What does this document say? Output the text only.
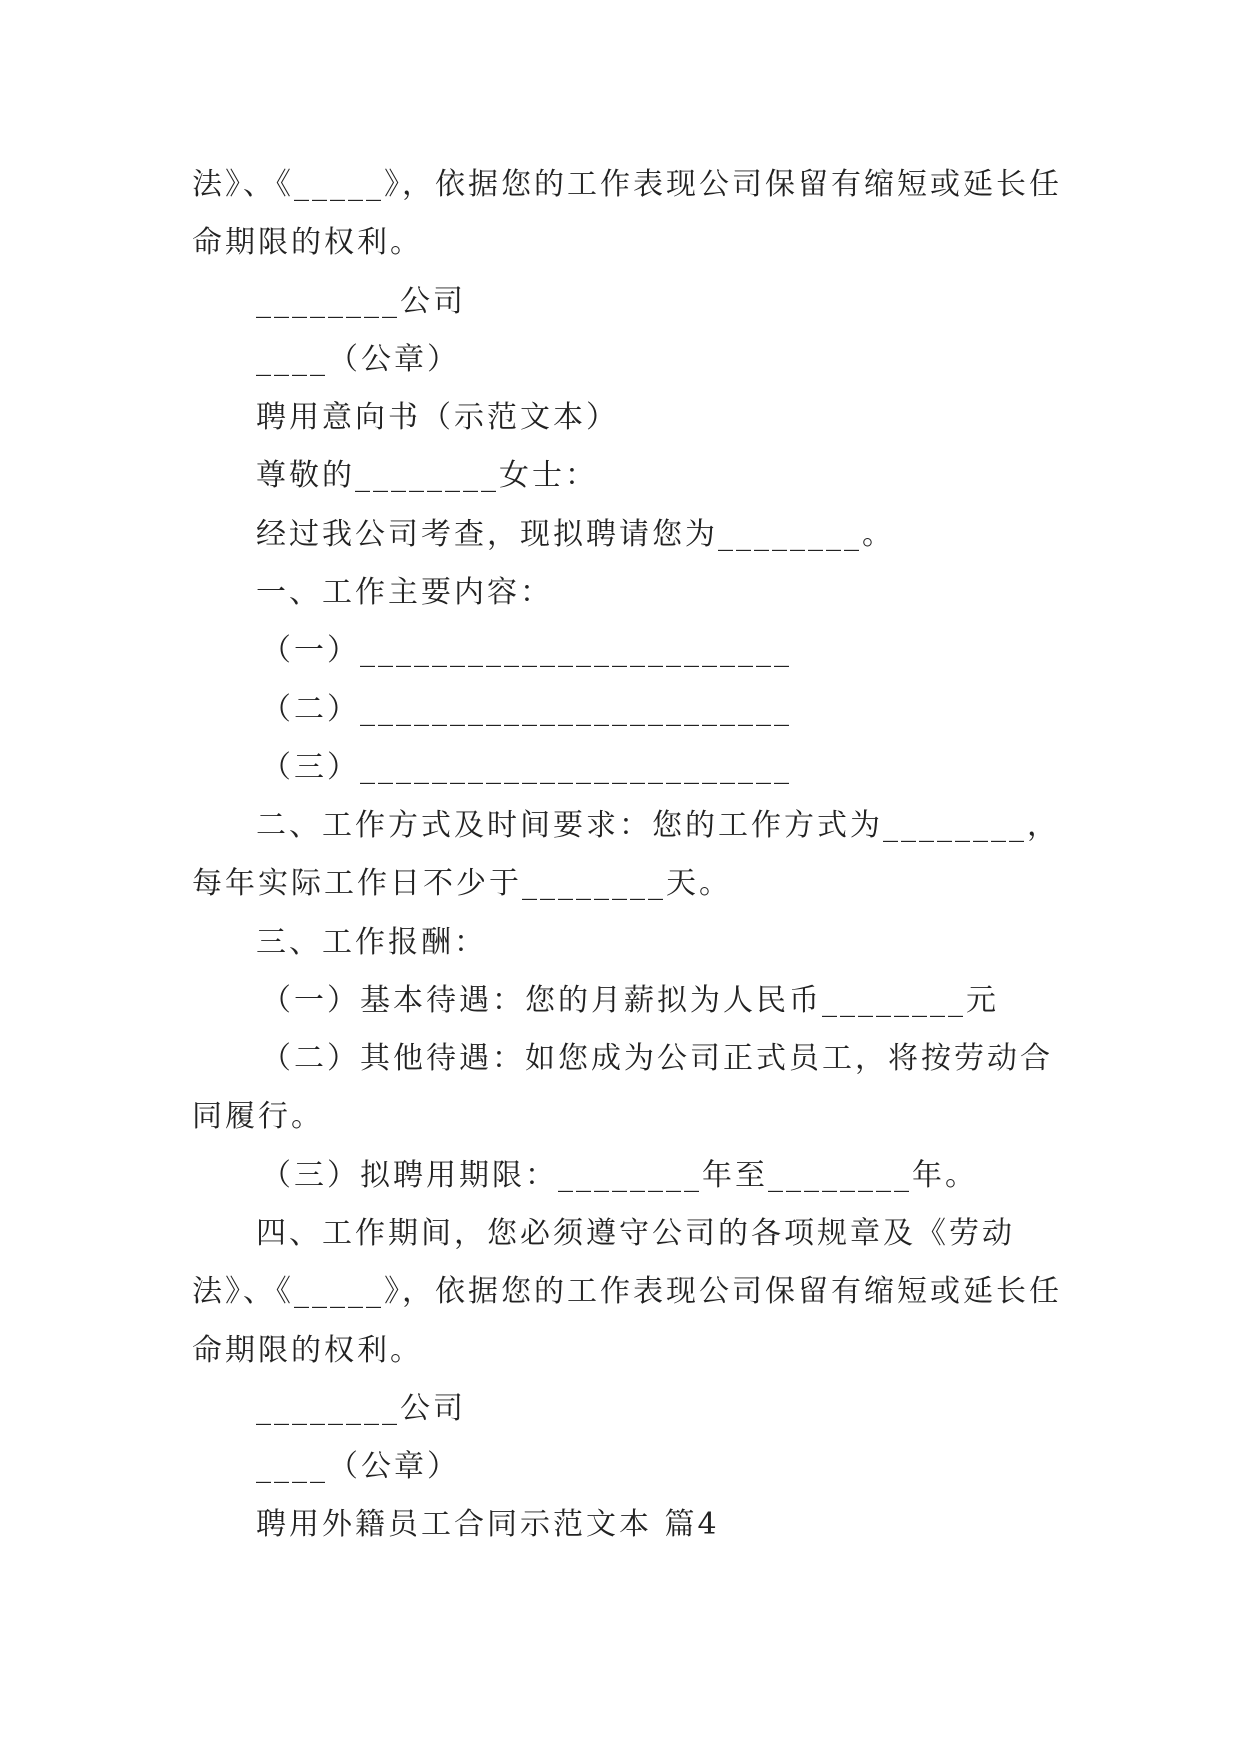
法》、《_____》，依据您的工作表现公司保留有缩短或延长任

命期限的权利。

________公司

____（公章）

聘用意向书（示范文本）

尊敬的________女士：

经过我公司考查，现拟聘请您为________。

一、工作主要内容：

（一）________________________

（二）________________________

（三）________________________

二、工作方式及时间要求：您的工作方式为________，

每年实际工作日不少于________天。

三、工作报酬：

（一）基本待遇：您的月薪拟为人民币________元

（二）其他待遇：如您成为公司正式员工，将按劳动合

同履行。

（三）拟聘用期限：________年至________年。

四、工作期间，您必须遵守公司的各项规章及《劳动

法》、《_____》，依据您的工作表现公司保留有缩短或延长任

命期限的权利。

________公司

____（公章）

聘用外籍员工合同示范文本 篇4
